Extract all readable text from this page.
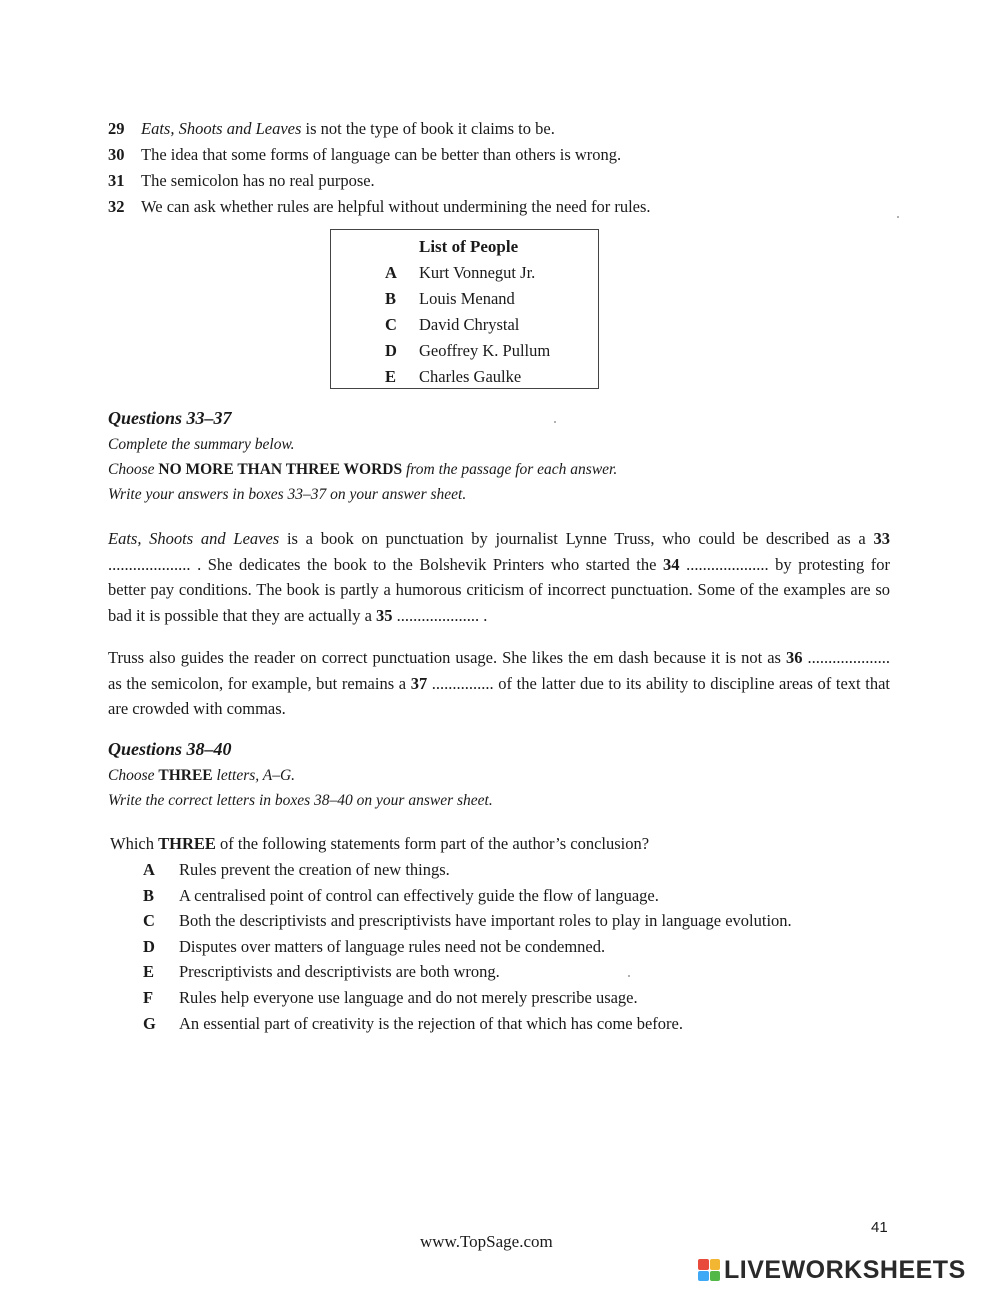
29 Eats, Shoots and Leaves is not the type of book it claims to be.
30 The idea that some forms of language can be better than others is wrong.
31 The semicolon has no real purpose.
32 We can ask whether rules are helpful without undermining the need for rules.
List of People
A Kurt Vonnegut Jr.
B Louis Menand
C David Chrystal
D Geoffrey K. Pullum
E Charles Gaulke
Questions 33–37
Complete the summary below.
Choose NO MORE THAN THREE WORDS from the passage for each answer.
Write your answers in boxes 33–37 on your answer sheet.
Eats, Shoots and Leaves is a book on punctuation by journalist Lynne Truss, who could be described as a 33 .................... . She dedicates the book to the Bolshevik Printers who started the 34 .................... by protesting for better pay conditions. The book is partly a humorous criticism of incorrect punctuation. Some of the examples are so bad it is possible that they are actually a 35 .................... .
Truss also guides the reader on correct punctuation usage. She likes the em dash because it is not as 36 .................... as the semicolon, for example, but remains a 37 ............... of the latter due to its ability to discipline areas of text that are crowded with commas.
Questions 38–40
Choose THREE letters, A–G.
Write the correct letters in boxes 38–40 on your answer sheet.
Which THREE of the following statements form part of the author’s conclusion?
A Rules prevent the creation of new things.
B A centralised point of control can effectively guide the flow of language.
C Both the descriptivists and prescriptivists have important roles to play in language evolution.
D Disputes over matters of language rules need not be condemned.
E Prescriptivists and descriptivists are both wrong.
F Rules help everyone use language and do not merely prescribe usage.
G An essential part of creativity is the rejection of that which has come before.
41
www.TopSage.com
LIVEWORKSHEETS
